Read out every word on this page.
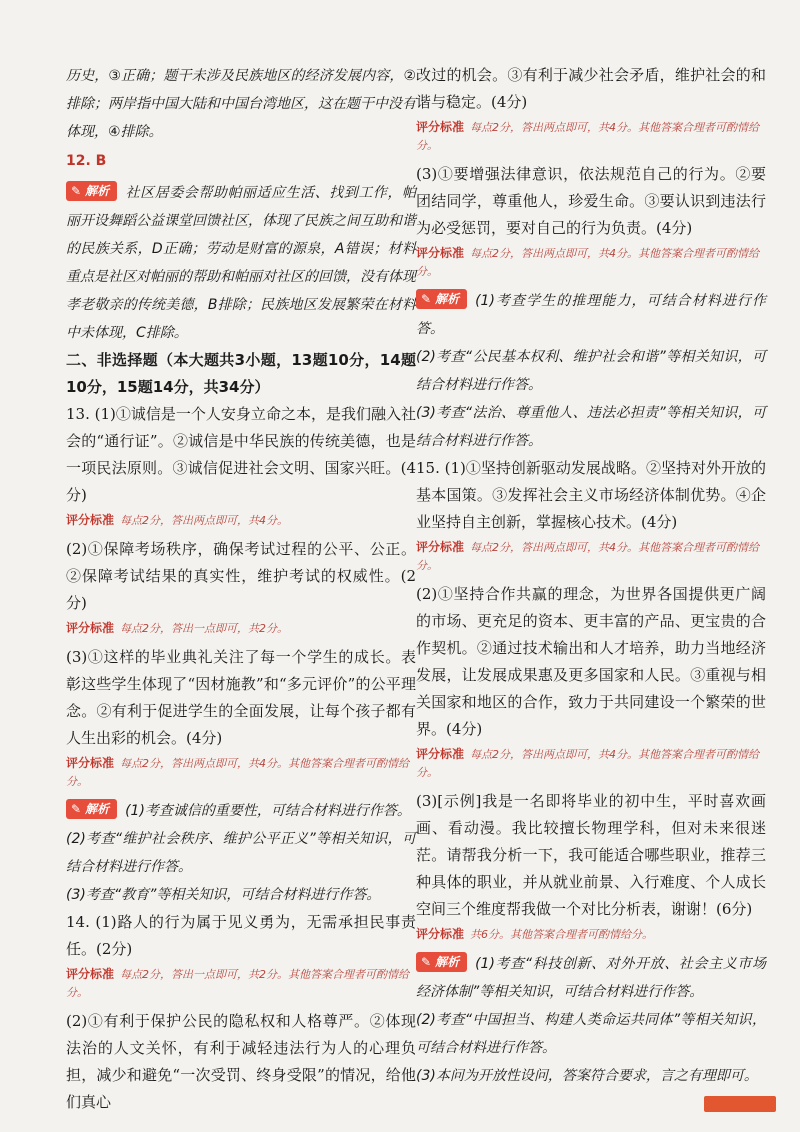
历史，③正确；题干未涉及民族地区的经济发展内容，②排除；两岸指中国大陆和中国台湾地区，这在题干中没有体现，④排除。

12. B

✎ 解析 社区居委会帮助帕丽适应生活、找到工作，帕丽开设舞蹈公益课堂回馈社区，体现了民族之间互助和谐的民族关系，D正确；劳动是财富的源泉，A错误；材料重点是社区对帕丽的帮助和帕丽对社区的回馈，没有体现孝老敬亲的传统美德，B排除；民族地区发展繁荣在材料中未体现，C排除。

二、非选择题（本大题共3小题，13题10分，14题10分，15题14分，共34分）

13. (1)①诚信是一个人安身立命之本，是我们融入社会的“通行证”。②诚信是中华民族的传统美德，也是一项民法原则。③诚信促进社会文明、国家兴旺。(4分)

评分标准 每点2分，答出两点即可，共4分。

(2)①保障考场秩序，确保考试过程的公平、公正。②保障考试结果的真实性，维护考试的权威性。(2分)

评分标准 每点2分，答出一点即可，共2分。

(3)①这样的毕业典礼关注了每一个学生的成长。表彰这些学生体现了“因材施教”和“多元评价”的公平理念。②有利于促进学生的全面发展，让每个孩子都有人生出彩的机会。(4分)

评分标准 每点2分，答出两点即可，共4分。其他答案合理者可酌情给分。

✎ 解析 (1)考查诚信的重要性，可结合材料进行作答。

(2)考查“维护社会秩序、维护公平正义”等相关知识，可结合材料进行作答。

(3)考查“教育”等相关知识，可结合材料进行作答。

14. (1)路人的行为属于见义勇为，无需承担民事责任。(2分)

评分标准 每点2分，答出一点即可，共2分。其他答案合理者可酌情给分。

(2)①有利于保护公民的隐私权和人格尊严。②体现法治的人文关怀，有利于减轻违法行为人的心理负担，减少和避免“一次受罚、终身受限”的情况，给他们真心

改过的机会。③有利于减少社会矛盾，维护社会的和谐与稳定。(4分)

评分标准 每点2分，答出两点即可，共4分。其他答案合理者可酌情给分。

(3)①要增强法律意识，依法规范自己的行为。②要团结同学，尊重他人，珍爱生命。③要认识到违法行为必受惩罚，要对自己的行为负责。(4分)

评分标准 每点2分，答出两点即可，共4分。其他答案合理者可酌情给分。

✎ 解析 (1)考查学生的推理能力，可结合材料进行作答。

(2)考查“公民基本权利、维护社会和谐”等相关知识，可结合材料进行作答。

(3)考查“法治、尊重他人、违法必担责”等相关知识，可结合材料进行作答。

15. (1)①坚持创新驱动发展战略。②坚持对外开放的基本国策。③发挥社会主义市场经济体制优势。④企业坚持自主创新，掌握核心技术。(4分)

评分标准 每点2分，答出两点即可，共4分。其他答案合理者可酌情给分。

(2)①坚持合作共赢的理念，为世界各国提供更广阔的市场、更充足的资本、更丰富的产品、更宝贵的合作契机。②通过技术输出和人才培养，助力当地经济发展，让发展成果惠及更多国家和人民。③重视与相关国家和地区的合作，致力于共同建设一个繁荣的世界。(4分)

评分标准 每点2分，答出两点即可，共4分。其他答案合理者可酌情给分。

(3)[示例]我是一名即将毕业的初中生，平时喜欢画画、看动漫。我比较擅长物理学科，但对未来很迷茫。请帮我分析一下，我可能适合哪些职业，推荐三种具体的职业，并从就业前景、入行难度、个人成长空间三个维度帮我做一个对比分析表，谢谢！(6分)

评分标准 共6分。其他答案合理者可酌情给分。

✎ 解析 (1)考查“科技创新、对外开放、社会主义市场经济体制”等相关知识，可结合材料进行作答。

(2)考查“中国担当、构建人类命运共同体”等相关知识，可结合材料进行作答。

(3)本问为开放性设问，答案符合要求，言之有理即可。
